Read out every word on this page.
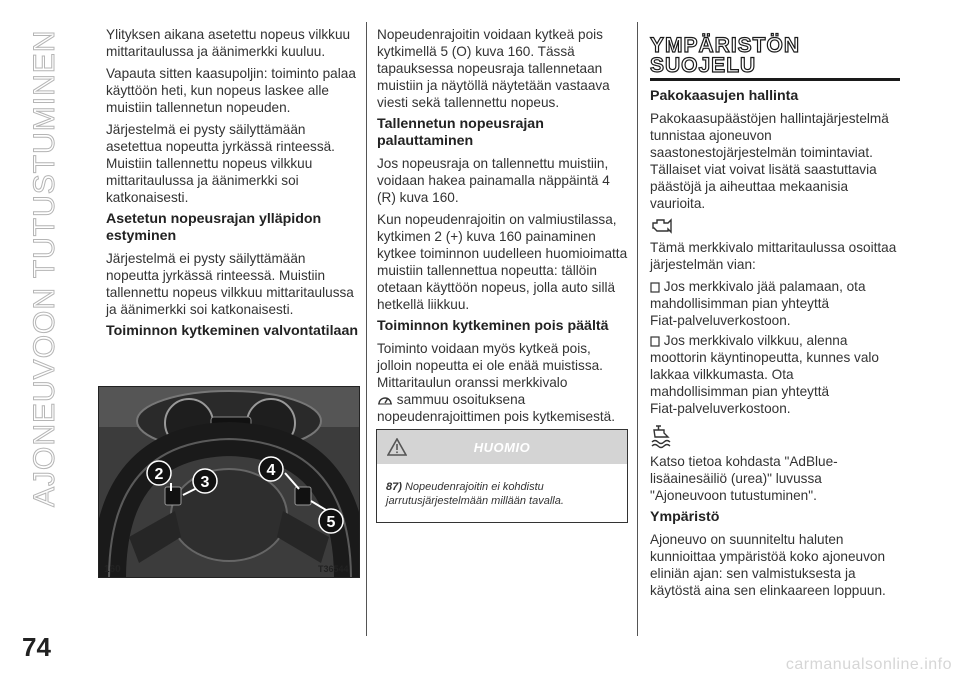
AJONEUVOON TUTUSTUMINEN
74
carmanualsonline.info

Ylityksen aikana asetettu nopeus vilkkuu mittaritaulussa ja äänimerkki kuuluu.

Vapauta sitten kaasupoljin: toiminto palaa käyttöön heti, kun nopeus laskee alle muistiin tallennetun nopeuden.

Järjestelmä ei pysty säilyttämään asetettua nopeutta jyrkässä rinteessä. Muistiin tallennettu nopeus vilkkuu mittaritaulussa ja äänimerkki soi katkonaisesti.

Asetetun nopeusrajan ylläpidon estyminen

Järjestelmä ei pysty säilyttämään nopeutta jyrkässä rinteessä. Muistiin tallennettu nopeus vilkkuu mittaritaulussa ja äänimerkki soi katkonaisesti.

Toiminnon kytkeminen valvontatilaan
888
2 3
4
5
160	T36544

Nopeudenrajoitin voidaan kytkeä pois kytkimellä 5 (O) kuva 160. Tässä tapauksessa nopeusraja tallennetaan muistiin ja näytöllä näytetään vastaava viesti sekä tallennettu nopeus.

Tallennetun nopeusrajan palauttaminen

Jos nopeusraja on tallennettu muistiin, voidaan hakea painamalla näppäintä 4 (R) kuva 160.

Kun nopeudenrajoitin on valmiustilassa, kytkimen 2 (+) kuva 160 painaminen kytkee toiminnon uudelleen huomioimatta muistiin tallennettua nopeutta: tällöin otetaan käyttöön nopeus, jolla auto sillä hetkellä liikkuu.

Toiminnon kytkeminen pois päältä

Toiminto voidaan myös kytkeä pois, jolloin nopeutta ei ole enää muistissa. Mittaritaulun oranssi merkkivalo
sammuu osoituksena nopeudenrajoittimen pois kytkemisestä.

HUOMIO
87) Nopeudenrajoitin ei kohdistu jarrutusjärjestelmään millään tavalla.
YMPÄRISTÖN
SUOJELU
Pakokaasujen hallinta

Pakokaasupäästöjen hallintajärjestelmä tunnistaa ajoneuvon saastonestojärjestelmän toimintaviat. Tällaiset viat voivat lisätä saastuttavia päästöjä ja aiheuttaa mekaanisia vaurioita.

Tämä merkkivalo mittaritaulussa osoittaa järjestelmän vian:

Jos merkkivalo jää palamaan, ota
mahdollisimman pian yhteyttä
Fiat-palveluverkostoon.

Jos merkkivalo vilkkuu, alenna
moottorin käyntinopeutta, kunnes valo
lakkaa vilkkumasta. Ota
mahdollisimman pian yhteyttä
Fiat-palveluverkostoon.

Katso tietoa kohdasta "AdBlue-lisäainesäiliö (urea)" luvussa "Ajoneuvoon tutustuminen".

Ympäristö

Ajoneuvo on suunniteltu haluten kunnioittaa ympäristöä koko ajoneuvon eliniän ajan: sen valmistuksesta ja käytöstä aina sen elinkaareen loppuun.
